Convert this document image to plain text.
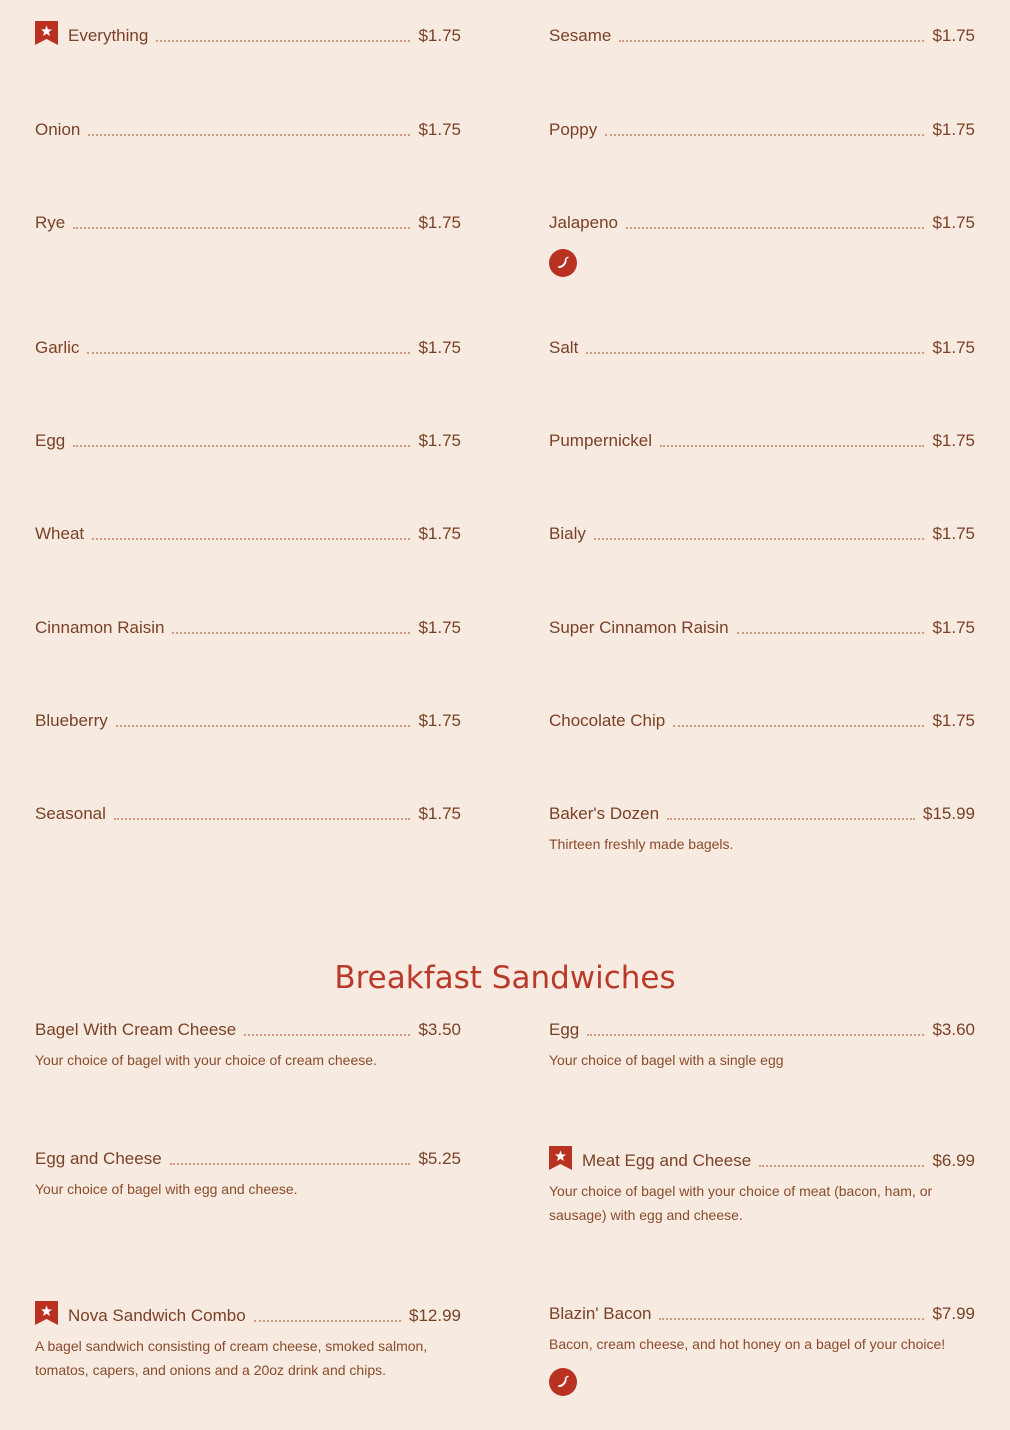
Everything	$1.75
Onion	$1.75
Rye	$1.75
Garlic	$1.75
Egg	$1.75
Wheat	$1.75
Cinnamon Raisin	$1.75
Blueberry	$1.75
Seasonal	$1.75
Sesame	$1.75
Poppy	$1.75
Jalapeno	$1.75
Salt	$1.75
Pumpernickel	$1.75
Bialy	$1.75
Super Cinnamon Raisin	$1.75
Chocolate Chip	$1.75
Baker's Dozen	$15.99
Thirteen freshly made bagels.
Breakfast Sandwiches
Bagel With Cream Cheese	$3.50
Your choice of bagel with your choice of cream cheese.
Egg and Cheese	$5.25
Your choice of bagel with egg and cheese.
Nova Sandwich Combo	$12.99
A bagel sandwich consisting of cream cheese, smoked salmon, tomatos, capers, and onions and a 20oz drink and chips.
Egg	$3.60
Your choice of bagel with a single egg
Meat Egg and Cheese	$6.99
Your choice of bagel with your choice of meat (bacon, ham, or sausage) with egg and cheese.
Blazin' Bacon	$7.99
Bacon, cream cheese, and hot honey on a bagel of your choice!
